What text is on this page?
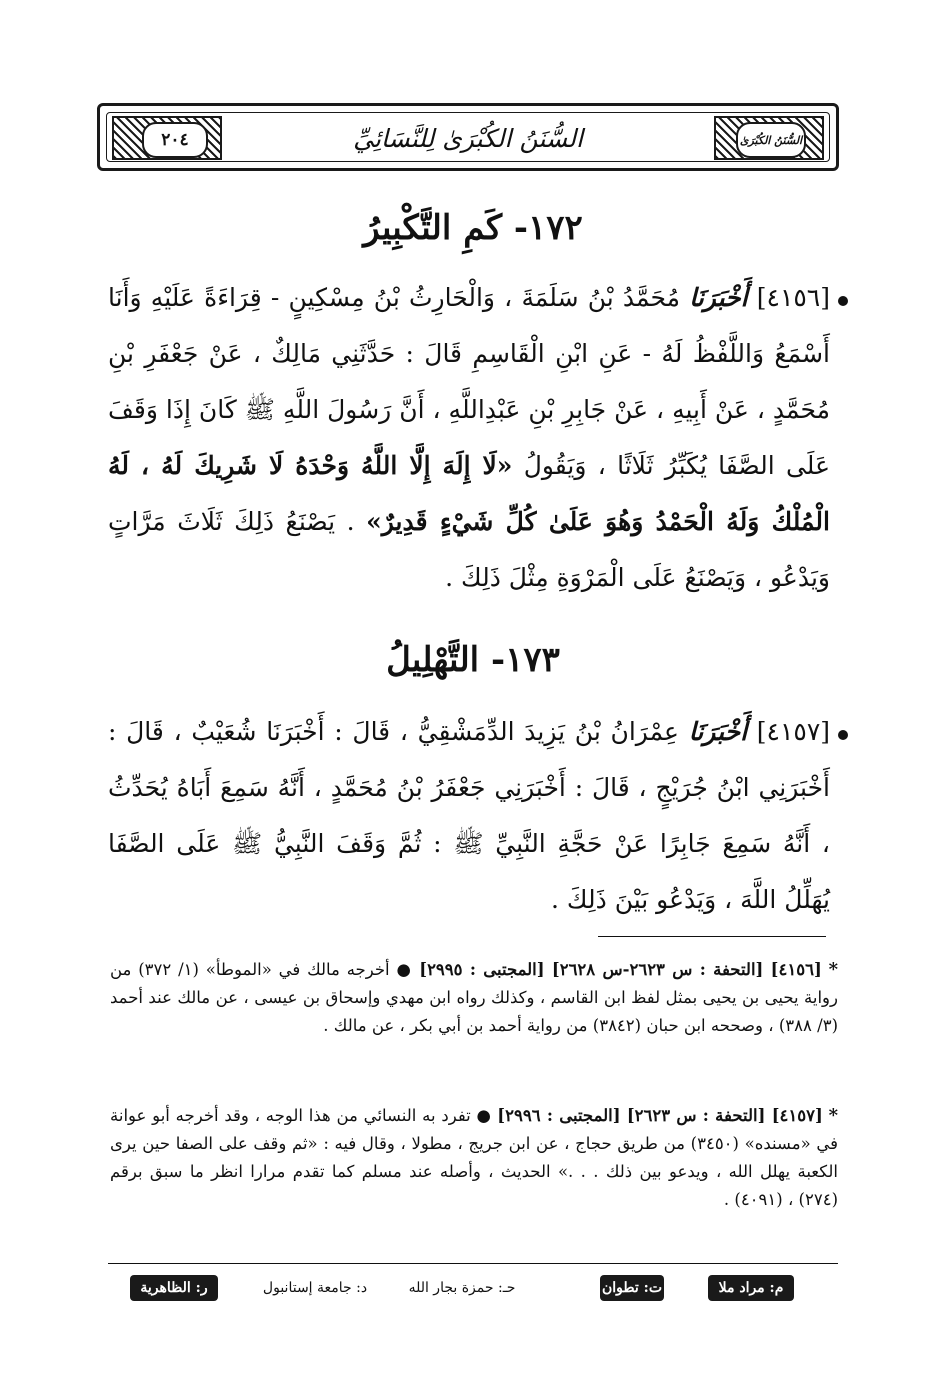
٢٠٤	السُّنَنُ الكُبْرَىٰ لِلنَّسَائِيِّ	السُّنَنُ الكُبْرَىٰ
١٧٢- كَمِ التَّكْبِيرُ
[٤١٥٦] أَخْبَرَنَا مُحَمَّدُ بْنُ سَلَمَةَ ، وَالْحَارِثُ بْنُ مِسْكِينٍ - قِرَاءَةً عَلَيْهِ وَأَنَا أَسْمَعُ وَاللَّفْظُ لَهُ - عَنِ ابْنِ الْقَاسِمِ قَالَ : حَدَّثَنِي مَالِكٌ ، عَنْ جَعْفَرِ بْنِ مُحَمَّدٍ ، عَنْ أَبِيهِ ، عَنْ جَابِرِ بْنِ عَبْدِاللَّهِ ، أَنَّ رَسُولَ اللَّهِ ﷺ كَانَ إِذَا وَقَفَ عَلَى الصَّفَا يُكَبِّرُ ثَلَاثًا ، وَيَقُولُ «لَا إِلَهَ إِلَّا اللَّهُ وَحْدَهُ لَا شَرِيكَ لَهُ ، لَهُ الْمُلْكُ وَلَهُ الْحَمْدُ وَهُوَ عَلَىٰ كُلِّ شَيْءٍ قَدِيرٌ» . يَصْنَعُ ذَلِكَ ثَلَاثَ مَرَّاتٍ وَيَدْعُو ، وَيَصْنَعُ عَلَى الْمَرْوَةِ مِثْلَ ذَلِكَ .
١٧٣- التَّهْلِيلُ
[٤١٥٧] أَخْبَرَنَا عِمْرَانُ بْنُ يَزِيدَ الدِّمَشْقِيُّ ، قَالَ : أَخْبَرَنَا شُعَيْبٌ ، قَالَ : أَخْبَرَنِي ابْنُ جُرَيْجٍ ، قَالَ : أَخْبَرَنِي جَعْفَرُ بْنُ مُحَمَّدٍ ، أَنَّهُ سَمِعَ أَبَاهُ يُحَدِّثُ ، أَنَّهُ سَمِعَ جَابِرًا عَنْ حَجَّةِ النَّبِيِّ ﷺ : ثُمَّ وَقَفَ النَّبِيُّ ﷺ عَلَى الصَّفَا يُهَلِّلُ اللَّهَ ، وَيَدْعُو بَيْنَ ذَلِكَ .
* [٤١٥٦] [التحفة : س ٢٦٢٣-س ٢٦٢٨] [المجتبى : ٢٩٩٥] ● أخرجه مالك في «الموطأ» (١/ ٣٧٢) من رواية يحيى بن يحيى بمثل لفظ ابن القاسم ، وكذلك رواه ابن مهدي وإسحاق بن عيسى ، عن مالك عند أحمد (٣/ ٣٨٨) ، وصححه ابن حبان (٣٨٤٢) من رواية أحمد بن أبي بكر ، عن مالك .
* [٤١٥٧] [التحفة : س ٢٦٢٣] [المجتبى : ٢٩٩٦] ● تفرد به النسائي من هذا الوجه ، وقد أخرجه أبو عوانة في «مسنده» (٣٤٥٠) من طريق حجاج ، عن ابن جريج ، مطولا ، وقال فيه : «ثم وقف على الصفا حين يرى الكعبة يهلل الله ، ويدعو بين ذلك . . .» الحديث ، وأصله عند مسلم كما تقدم مرارا انظر ما سبق برقم (٢٧٤) ، (٤٠٩١) .
م: مراد ملا
ت: تطوان
حـ: حمزة بجار الله
د: جامعة إستانبول
ر: الظاهرية
